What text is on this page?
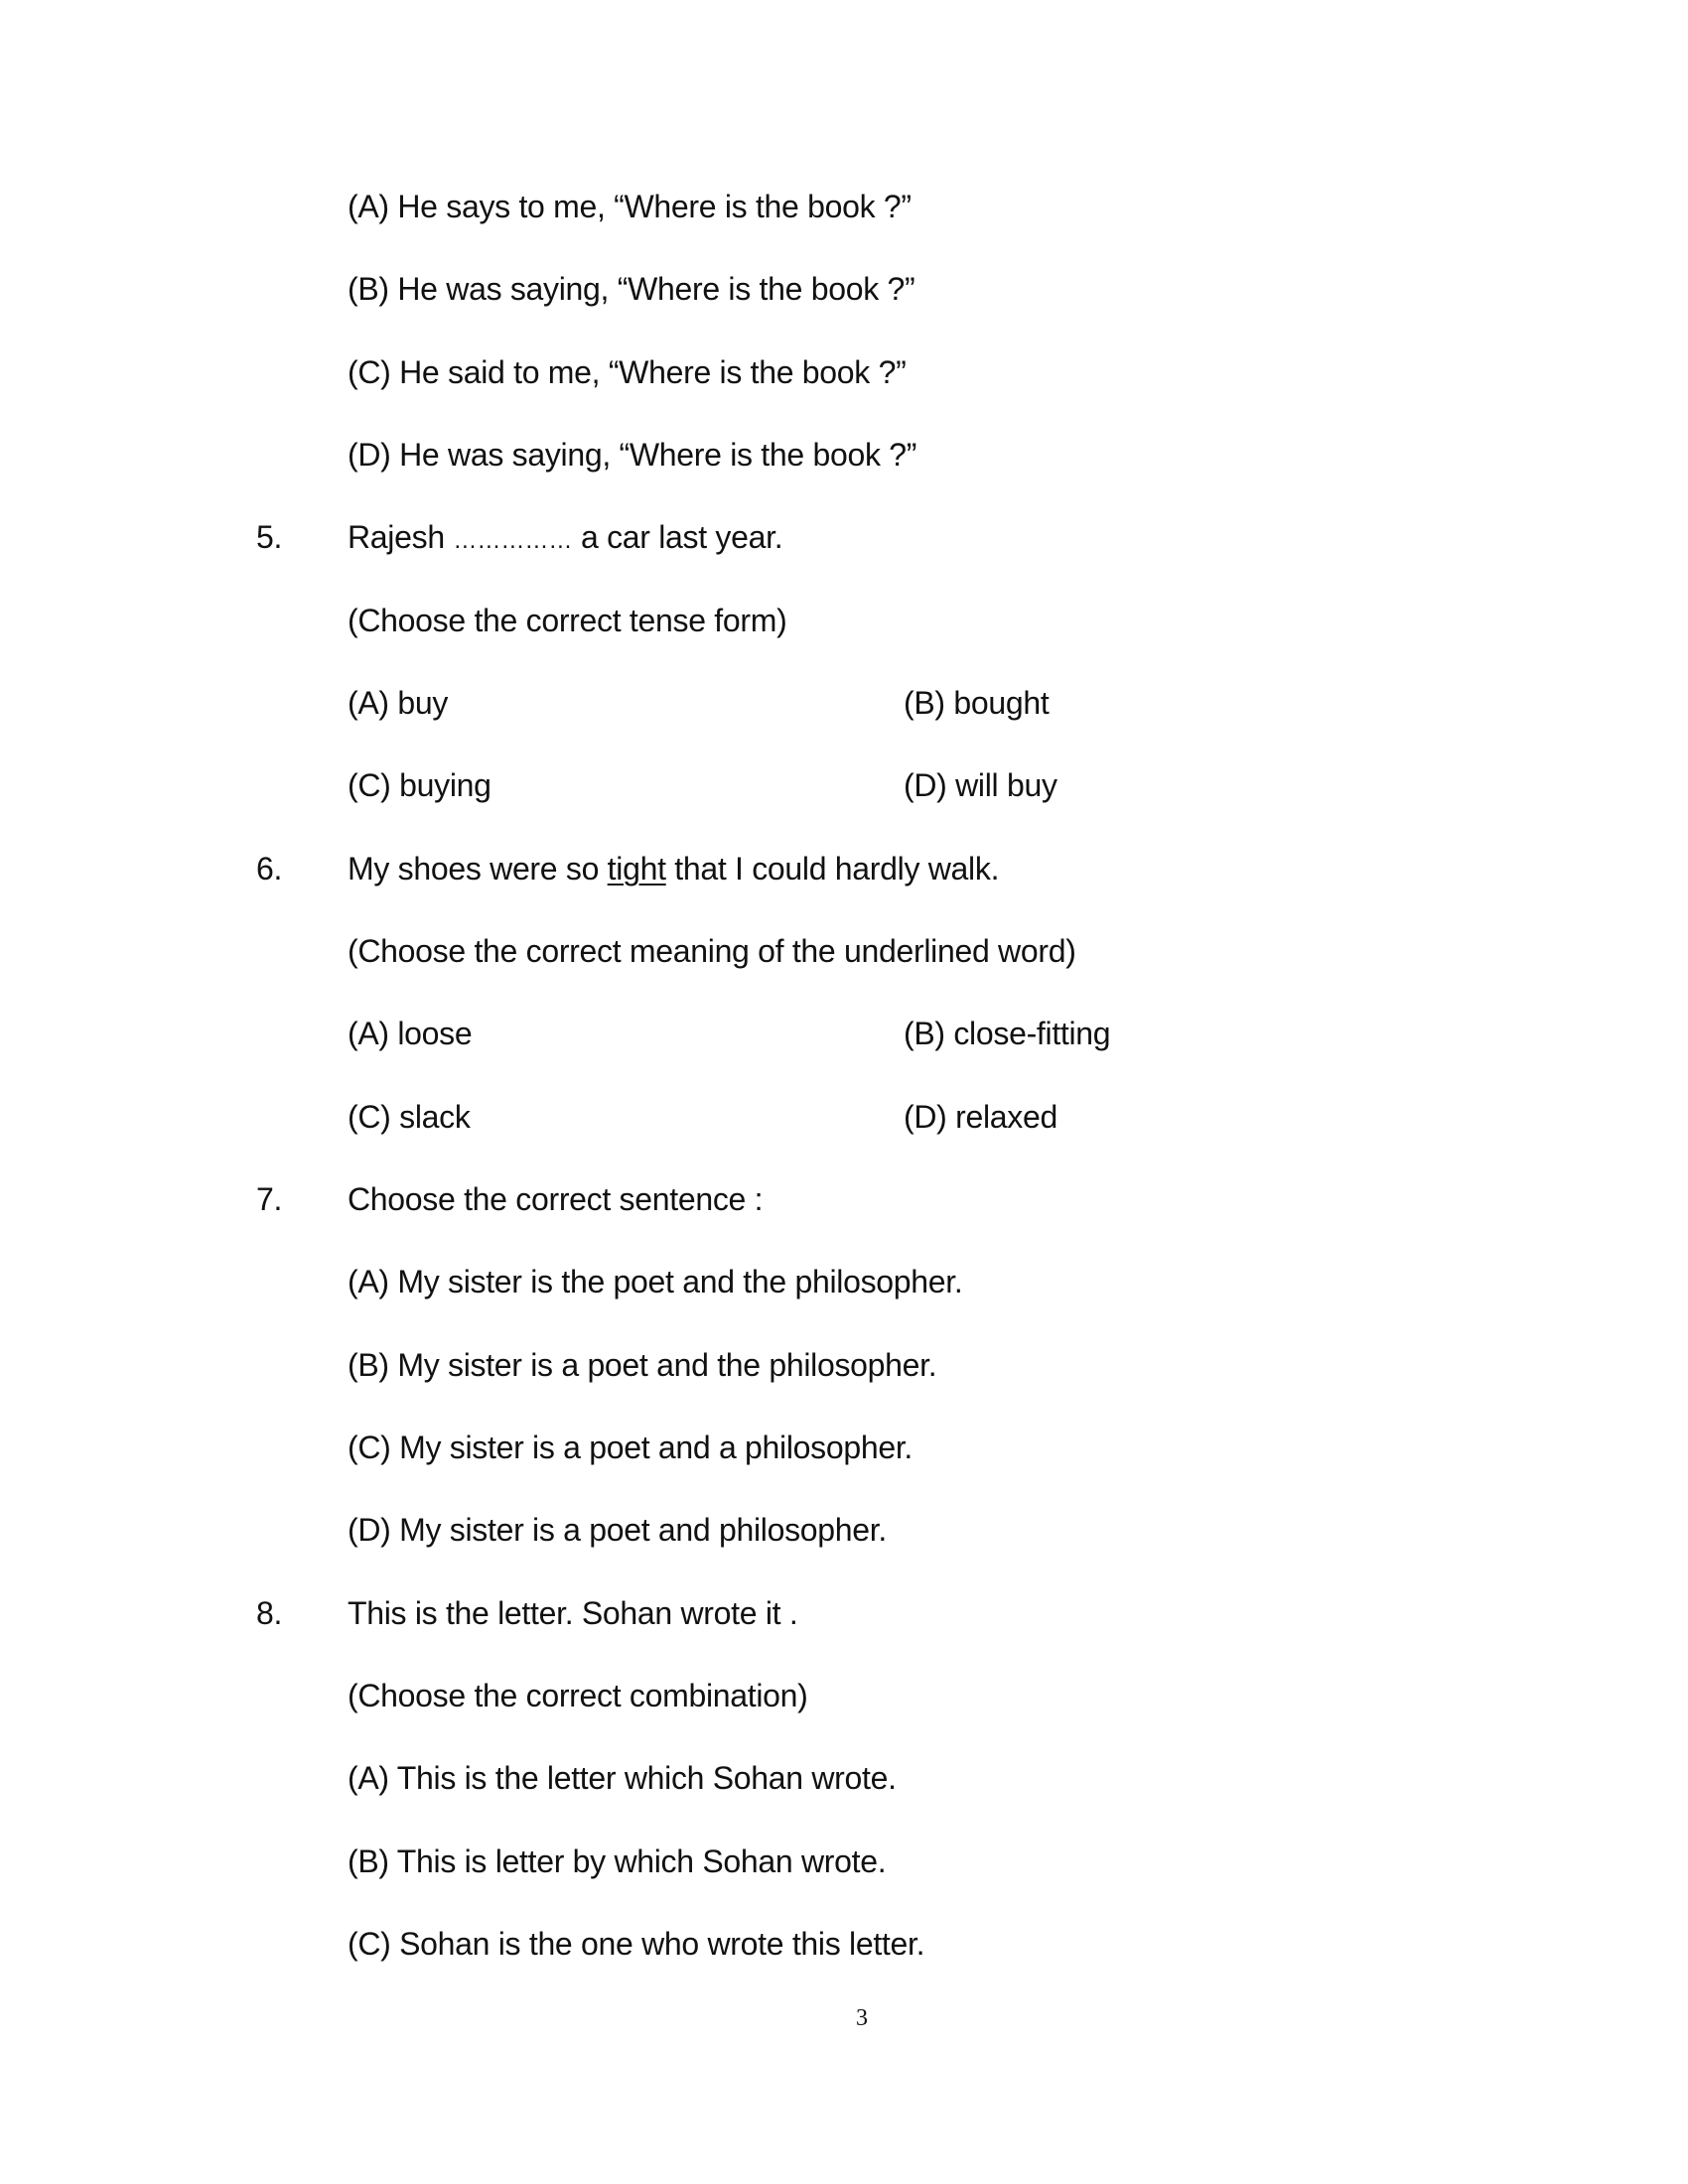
(A) He says to me, “Where is the book ?”
(B) He was saying, “Where is the book ?”
(C) He said to me, “Where is the book ?”
(D) He was saying, “Where is the book ?”
5. Rajesh …………… a car last year.
(Choose the correct tense form)
(A) buy	(B) bought
(C) buying	(D) will buy
6. My shoes were so tight that I could hardly walk.
(Choose the correct meaning of the underlined word)
(A) loose	(B) close-fitting
(C) slack	(D) relaxed
7. Choose the correct sentence :
(A) My sister is the poet and the philosopher.
(B) My sister is a poet and the philosopher.
(C) My sister is a poet and a philosopher.
(D) My sister is a poet and philosopher.
8. This is the letter. Sohan wrote it .
(Choose the correct combination)
(A) This is the letter which Sohan wrote.
(B) This is letter by which Sohan wrote.
(C) Sohan is the one who wrote this letter.
3
